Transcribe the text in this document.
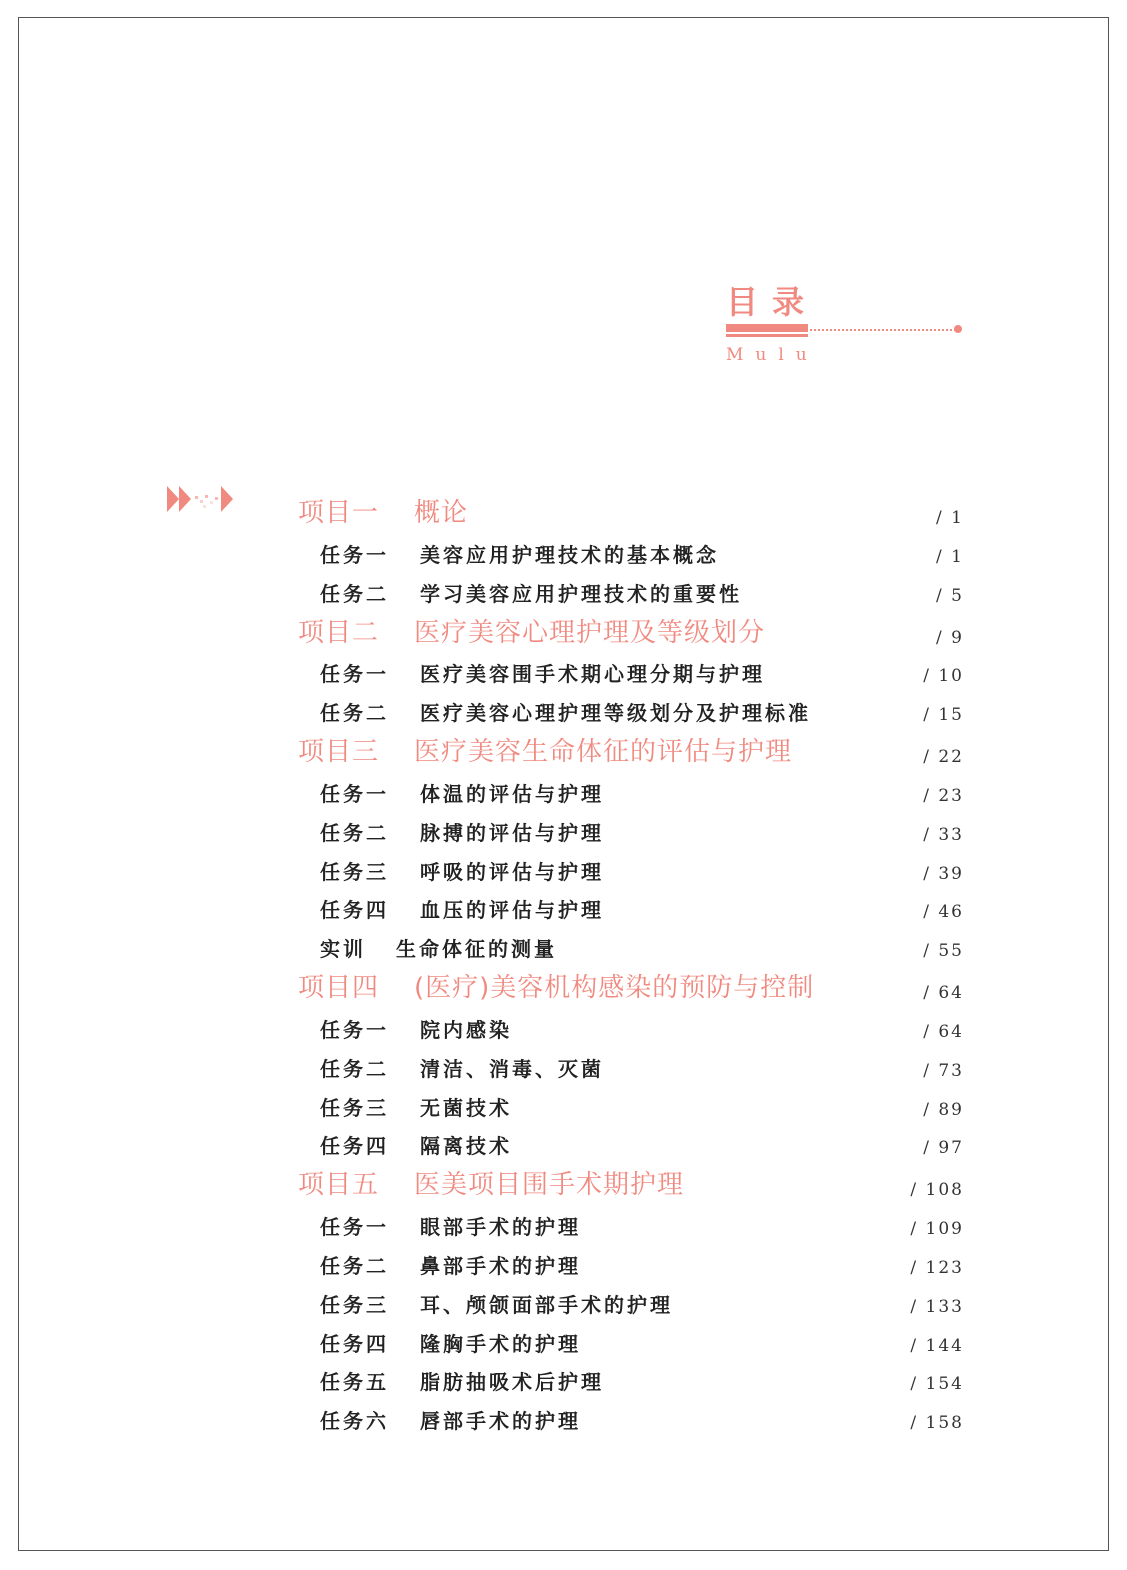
目录
Mulu
项目一	概论	/ 1
任务一	美容应用护理技术的基本概念	/ 1
任务二	学习美容应用护理技术的重要性	/ 5
项目二	医疗美容心理护理及等级划分	/ 9
任务一	医疗美容围手术期心理分期与护理	/ 10
任务二	医疗美容心理护理等级划分及护理标准	/ 15
项目三	医疗美容生命体征的评估与护理	/ 22
任务一	体温的评估与护理	/ 23
任务二	脉搏的评估与护理	/ 33
任务三	呼吸的评估与护理	/ 39
任务四	血压的评估与护理	/ 46
实训	生命体征的测量	/ 55
项目四	(医疗)美容机构感染的预防与控制	/ 64
任务一	院内感染	/ 64
任务二	清洁、消毒、灭菌	/ 73
任务三	无菌技术	/ 89
任务四	隔离技术	/ 97
项目五	医美项目围手术期护理	/ 108
任务一	眼部手术的护理	/ 109
任务二	鼻部手术的护理	/ 123
任务三	耳、颅颌面部手术的护理	/ 133
任务四	隆胸手术的护理	/ 144
任务五	脂肪抽吸术后护理	/ 154
任务六	唇部手术的护理	/ 158
